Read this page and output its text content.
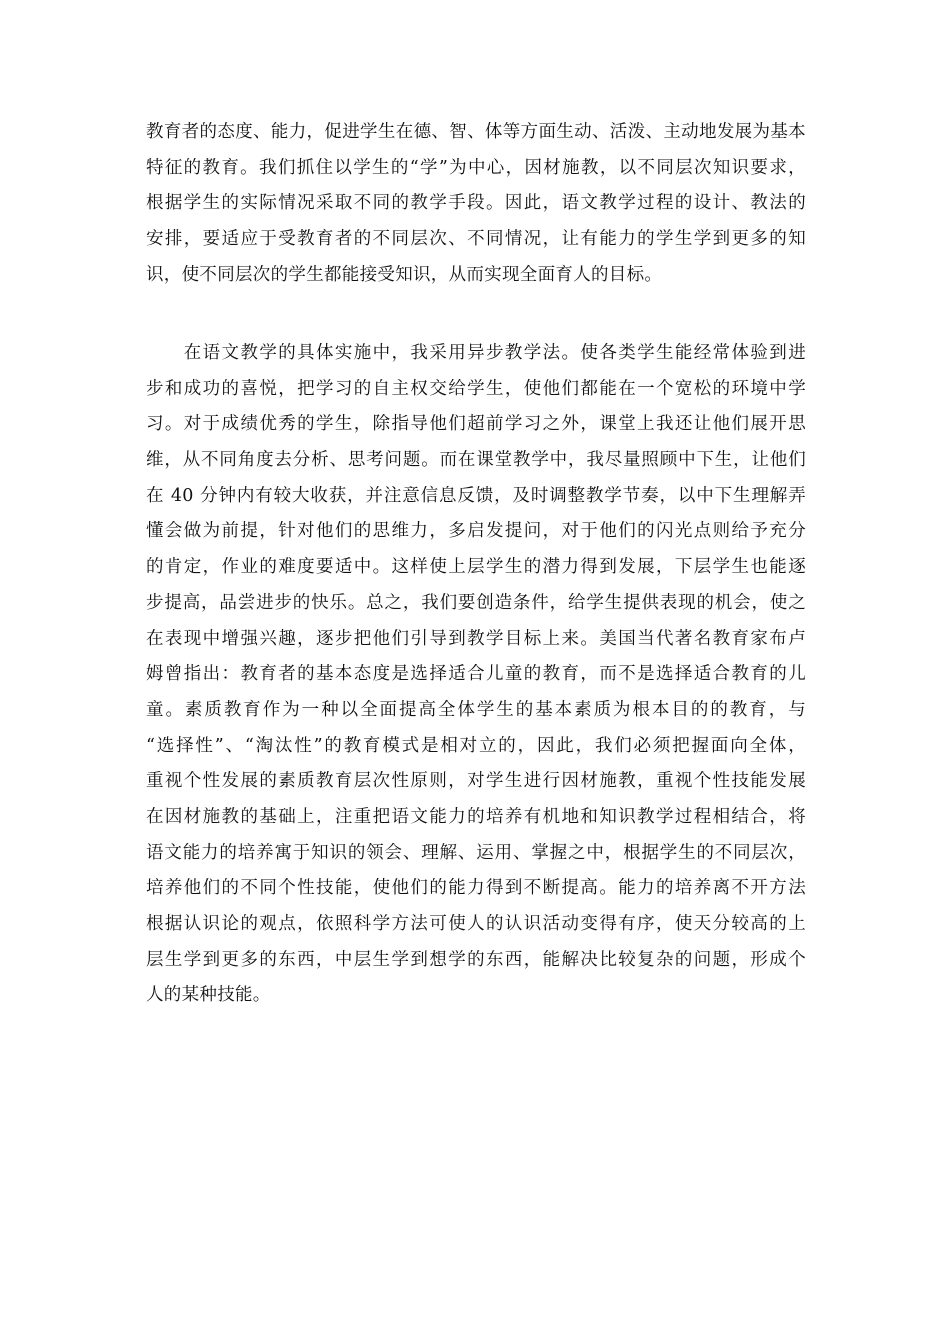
教育者的态度、能力，促进学生在德、智、体等方面生动、活泼、主动地发展为基本
特征的教育。我们抓住以学生的“学”为中心，因材施教，以不同层次知识要求，
根据学生的实际情况采取不同的教学手段。因此，语文教学过程的设计、教法的
安排，要适应于受教育者的不同层次、不同情况，让有能力的学生学到更多的知
识，使不同层次的学生都能接受知识，从而实现全面育人的目标。
　　在语文教学的具体实施中，我采用异步教学法。使各类学生能经常体验到进
步和成功的喜悦，把学习的自主权交给学生，使他们都能在一个宽松的环境中学
习。对于成绩优秀的学生，除指导他们超前学习之外，课堂上我还让他们展开思
维，从不同角度去分析、思考问题。而在课堂教学中，我尽量照顾中下生，让他们
在 40 分钟内有较大收获，并注意信息反馈，及时调整教学节奏，以中下生理解弄
懂会做为前提，针对他们的思维力，多启发提问，对于他们的闪光点则给予充分
的肯定，作业的难度要适中。这样使上层学生的潜力得到发展，下层学生也能逐
步提高，品尝进步的快乐。总之，我们要创造条件，给学生提供表现的机会，使之
在表现中增强兴趣，逐步把他们引导到教学目标上来。美国当代著名教育家布卢
姆曾指出：教育者的基本态度是选择适合儿童的教育，而不是选择适合教育的儿
童。素质教育作为一种以全面提高全体学生的基本素质为根本目的的教育，与
“选择性”、“淘汰性”的教育模式是相对立的，因此，我们必须把握面向全体，
重视个性发展的素质教育层次性原则，对学生进行因材施教，重视个性技能发展
在因材施教的基础上，注重把语文能力的培养有机地和知识教学过程相结合，将
语文能力的培养寓于知识的领会、理解、运用、掌握之中，根据学生的不同层次，
培养他们的不同个性技能，使他们的能力得到不断提高。能力的培养离不开方法
根据认识论的观点，依照科学方法可使人的认识活动变得有序，使天分较高的上
层生学到更多的东西，中层生学到想学的东西，能解决比较复杂的问题，形成个
人的某种技能。
